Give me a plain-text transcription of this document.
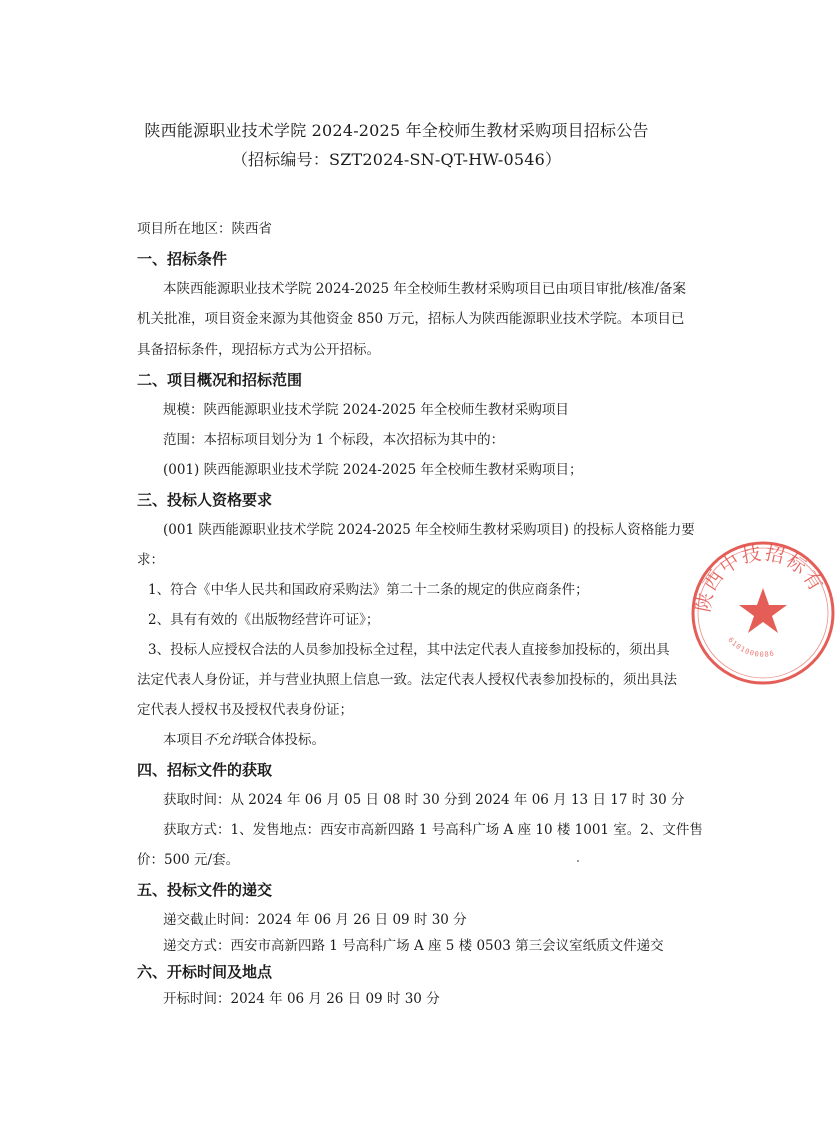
陕西能源职业技术学院 2024-2025 年全校师生教材采购项目招标公告
（招标编号：SZT2024-SN-QT-HW-0546）
项目所在地区：陕西省
一、招标条件
本陕西能源职业技术学院 2024-2025 年全校师生教材采购项目已由项目审批/核准/备案
机关批准，项目资金来源为其他资金 850 万元，招标人为陕西能源职业技术学院。本项目已
具备招标条件，现招标方式为公开招标。
二、项目概况和招标范围
规模：陕西能源职业技术学院 2024-2025 年全校师生教材采购项目
范围：本招标项目划分为 1 个标段，本次招标为其中的：
(001) 陕西能源职业技术学院 2024-2025 年全校师生教材采购项目；
三、投标人资格要求
(001 陕西能源职业技术学院 2024-2025 年全校师生教材采购项目) 的投标人资格能力要
求：
1、符合《中华人民共和国政府采购法》第二十二条的规定的供应商条件；
2、具有有效的《出版物经营许可证》；
3、投标人应授权合法的人员参加投标全过程，其中法定代表人直接参加投标的，须出具
法定代表人身份证，并与营业执照上信息一致。法定代表人授权代表参加投标的，须出具法
定代表人授权书及授权代表身份证；
本项目不允许联合体投标。
四、招标文件的获取
获取时间：从 2024 年 06 月 05 日 08 时 30 分到 2024 年 06 月 13 日 17 时 30 分
获取方式：1、发售地点：西安市高新四路 1 号高科广场 A 座 10 楼 1001 室。2、文件售
价：500 元/套。
五、投标文件的递交
递交截止时间：2024 年 06 月 26 日 09 时 30 分
递交方式：西安市高新四路 1 号高科广场 A 座 5 楼 0503 第三会议室纸质文件递交
六、开标时间及地点
开标时间：2024 年 06 月 26 日 09 时 30 分
陕西中技招标有
6101000086
